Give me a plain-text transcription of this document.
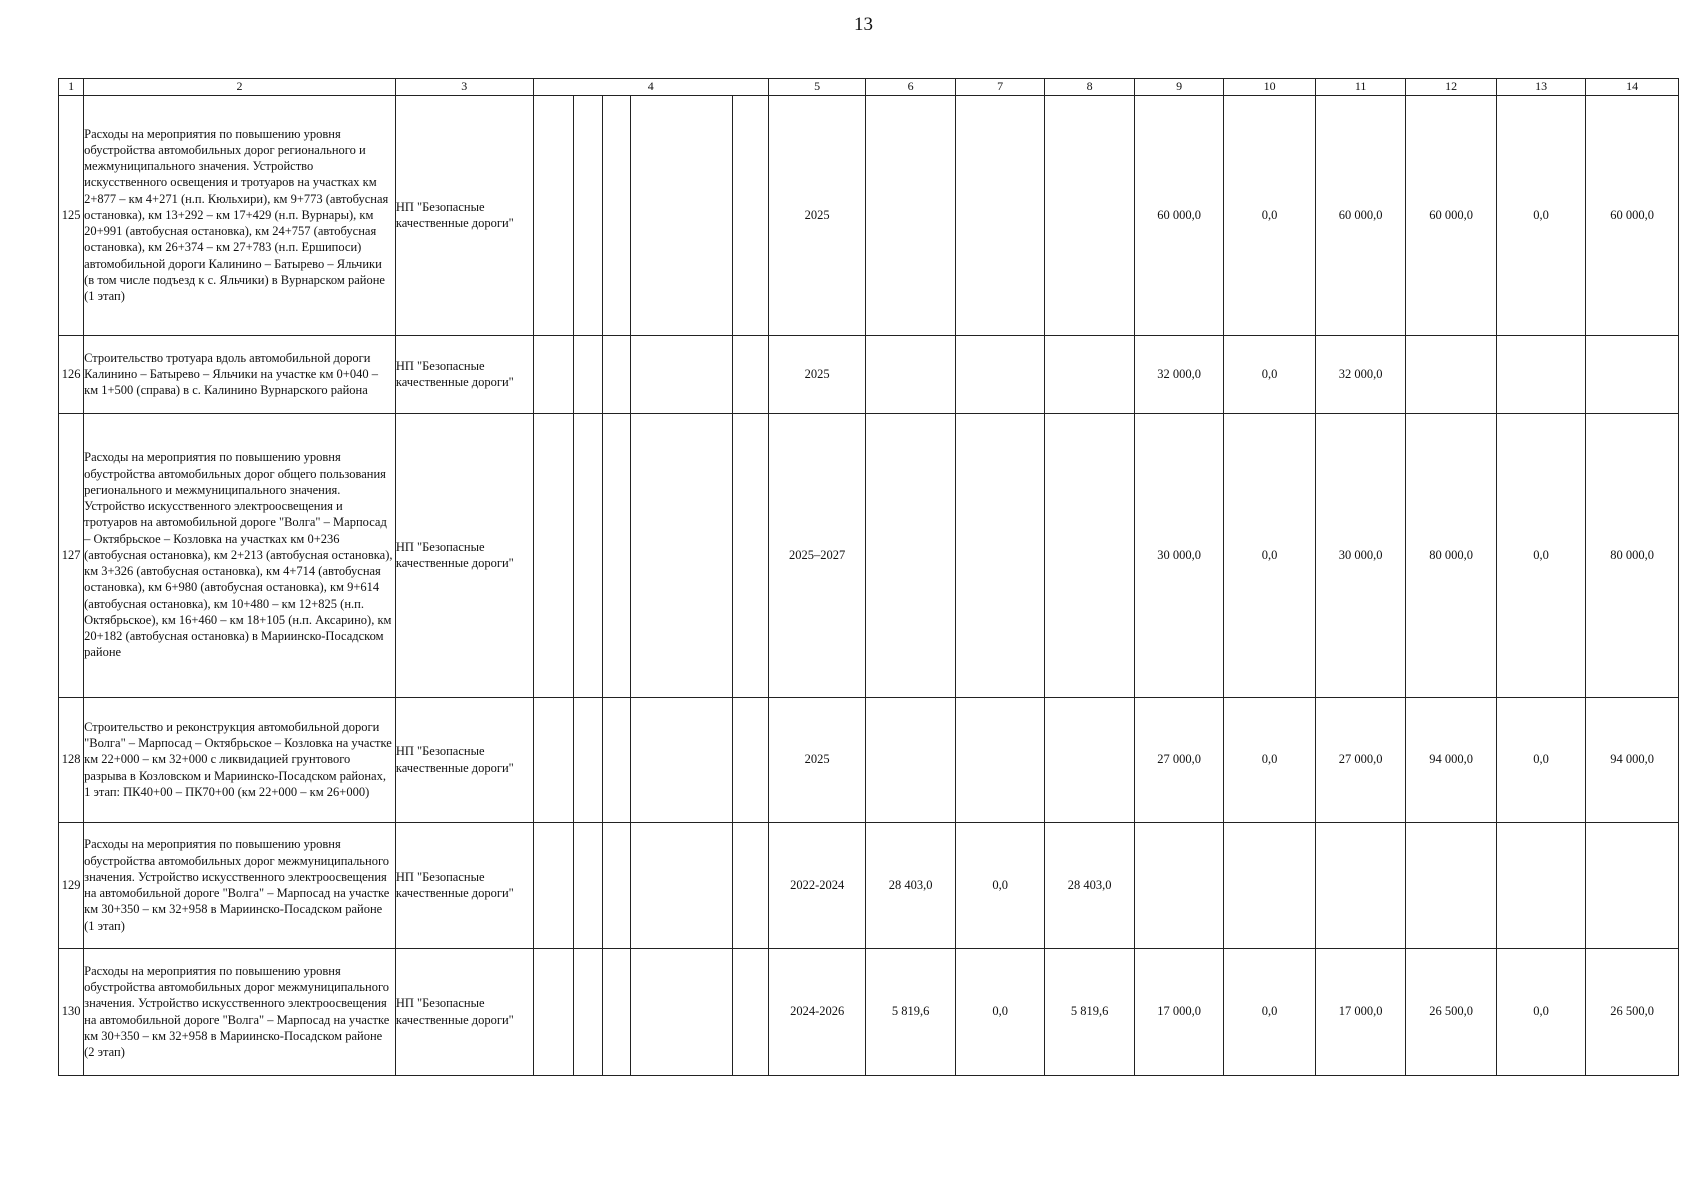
13
1	2	3	4					5	6	7	8	9	10	11	12	13	14
125	Расходы на мероприятия по повышению уровня обустройства автомобильных дорог регионального и межмуниципального значения. Устройство искусственного освещения и тротуаров на участках км 2+877 – км 4+271 (н.п. Кюльхири), км 9+773 (автобусная остановка), км 13+292 – км 17+429 (н.п. Вурнары), км 20+991 (автобусная остановка), км 24+757 (автобусная остановка), км 26+374 – км 27+783 (н.п. Ершипоси) автомобильной дороги Калинино – Батырево – Яльчики (в том числе подъезд к с. Яльчики) в Вурнарском районе (1 этап)	НП "Безопасные качественные дороги"						2025				60 000,0	0,0	60 000,0	60 000,0	0,0	60 000,0
126	Строительство тротуара вдоль автомобильной дороги Калинино – Батырево – Яльчики на участке км 0+040 – км 1+500 (справа) в с. Калинино Вурнарского района	НП "Безопасные качественные дороги"						2025				32 000,0	0,0	32 000,0			
127	Расходы на мероприятия по повышению уровня обустройства автомобильных дорог общего пользования регионального и межмуниципального значения. Устройство искусственного электроосвещения и тротуаров на автомобильной дороге "Волга" – Марпосад – Октябрьское – Козловка на участках км 0+236 (автобусная остановка), км 2+213 (автобусная остановка), км 3+326 (автобусная остановка), км 4+714 (автобусная остановка), км 6+980 (автобусная остановка), км 9+614 (автобусная остановка), км 10+480 – км 12+825 (н.п. Октябрьское), км 16+460 – км 18+105 (н.п. Аксарино), км 20+182 (автобусная остановка) в Мариинско-Посадском районе	НП "Безопасные качественные дороги"						2025–2027				30 000,0	0,0	30 000,0	80 000,0	0,0	80 000,0
128	Строительство и реконструкция автомобильной дороги "Волга" – Марпосад – Октябрьское – Козловка на участке км 22+000 – км 32+000 с ликвидацией грунтового разрыва в Козловском и Мариинско-Посадском районах, 1 этап: ПК40+00 – ПК70+00 (км 22+000 – км 26+000)	НП "Безопасные качественные дороги"						2025				27 000,0	0,0	27 000,0	94 000,0	0,0	94 000,0
129	Расходы на мероприятия по повышению уровня обустройства автомобильных дорог межмуниципального значения. Устройство искусственного электроосвещения на автомобильной дороге "Волга" – Марпосад на участке км 30+350 – км 32+958 в Мариинско-Посадском районе (1 этап)	НП "Безопасные качественные дороги"						2022-2024	28 403,0	0,0	28 403,0						
130	Расходы на мероприятия по повышению уровня обустройства автомобильных дорог межмуниципального значения. Устройство искусственного электроосвещения на автомобильной дороге "Волга" – Марпосад на участке км 30+350 – км 32+958 в Мариинско-Посадском районе (2 этап)	НП "Безопасные качественные дороги"						2024-2026	5 819,6	0,0	5 819,6	17 000,0	0,0	17 000,0	26 500,0	0,0	26 500,0
